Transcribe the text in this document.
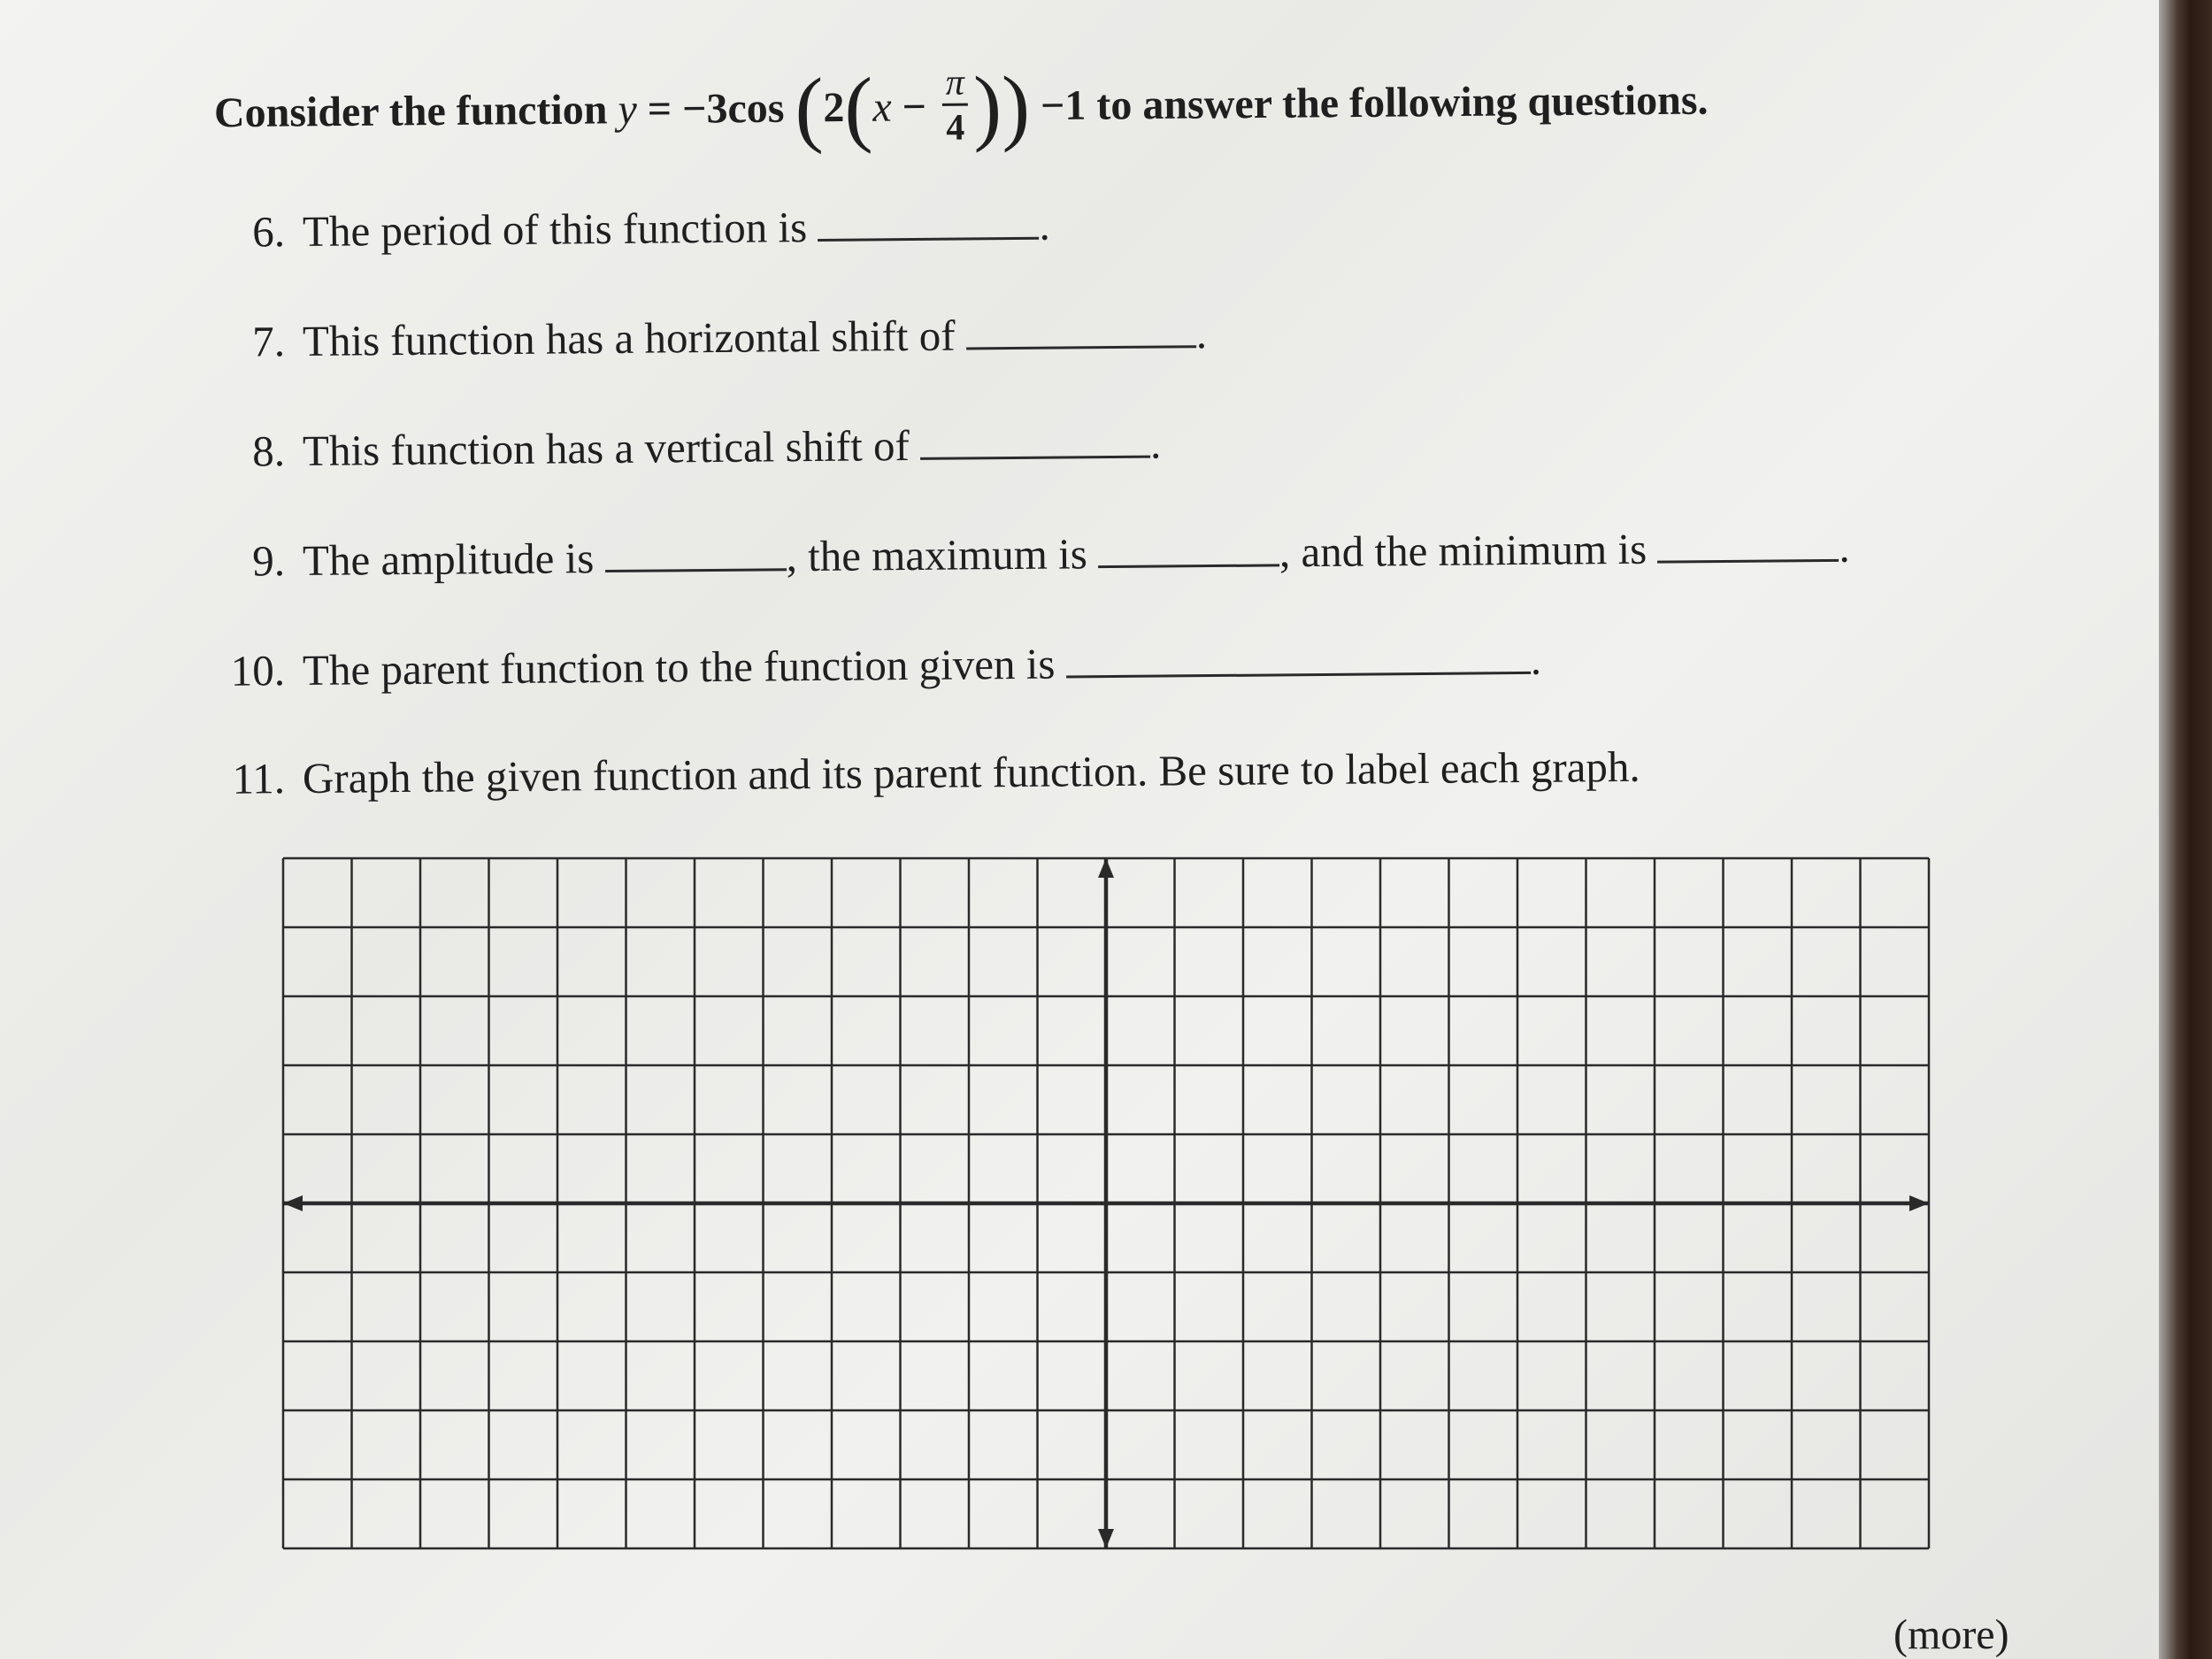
Consider the function y = −3cos ($2(x - \frac{\pi}{4}$ )) −1 to answer the following questions.
6. The period of this function is	.
7. This function has a horizontal shift of	.
8. This function has a vertical shift of	.
9. The amplitude is	, the maximum is	, and the minimum is	.
10. The parent function to the function given is	.
11. Graph the given function and its parent function. Be sure to label each graph.
(more)
